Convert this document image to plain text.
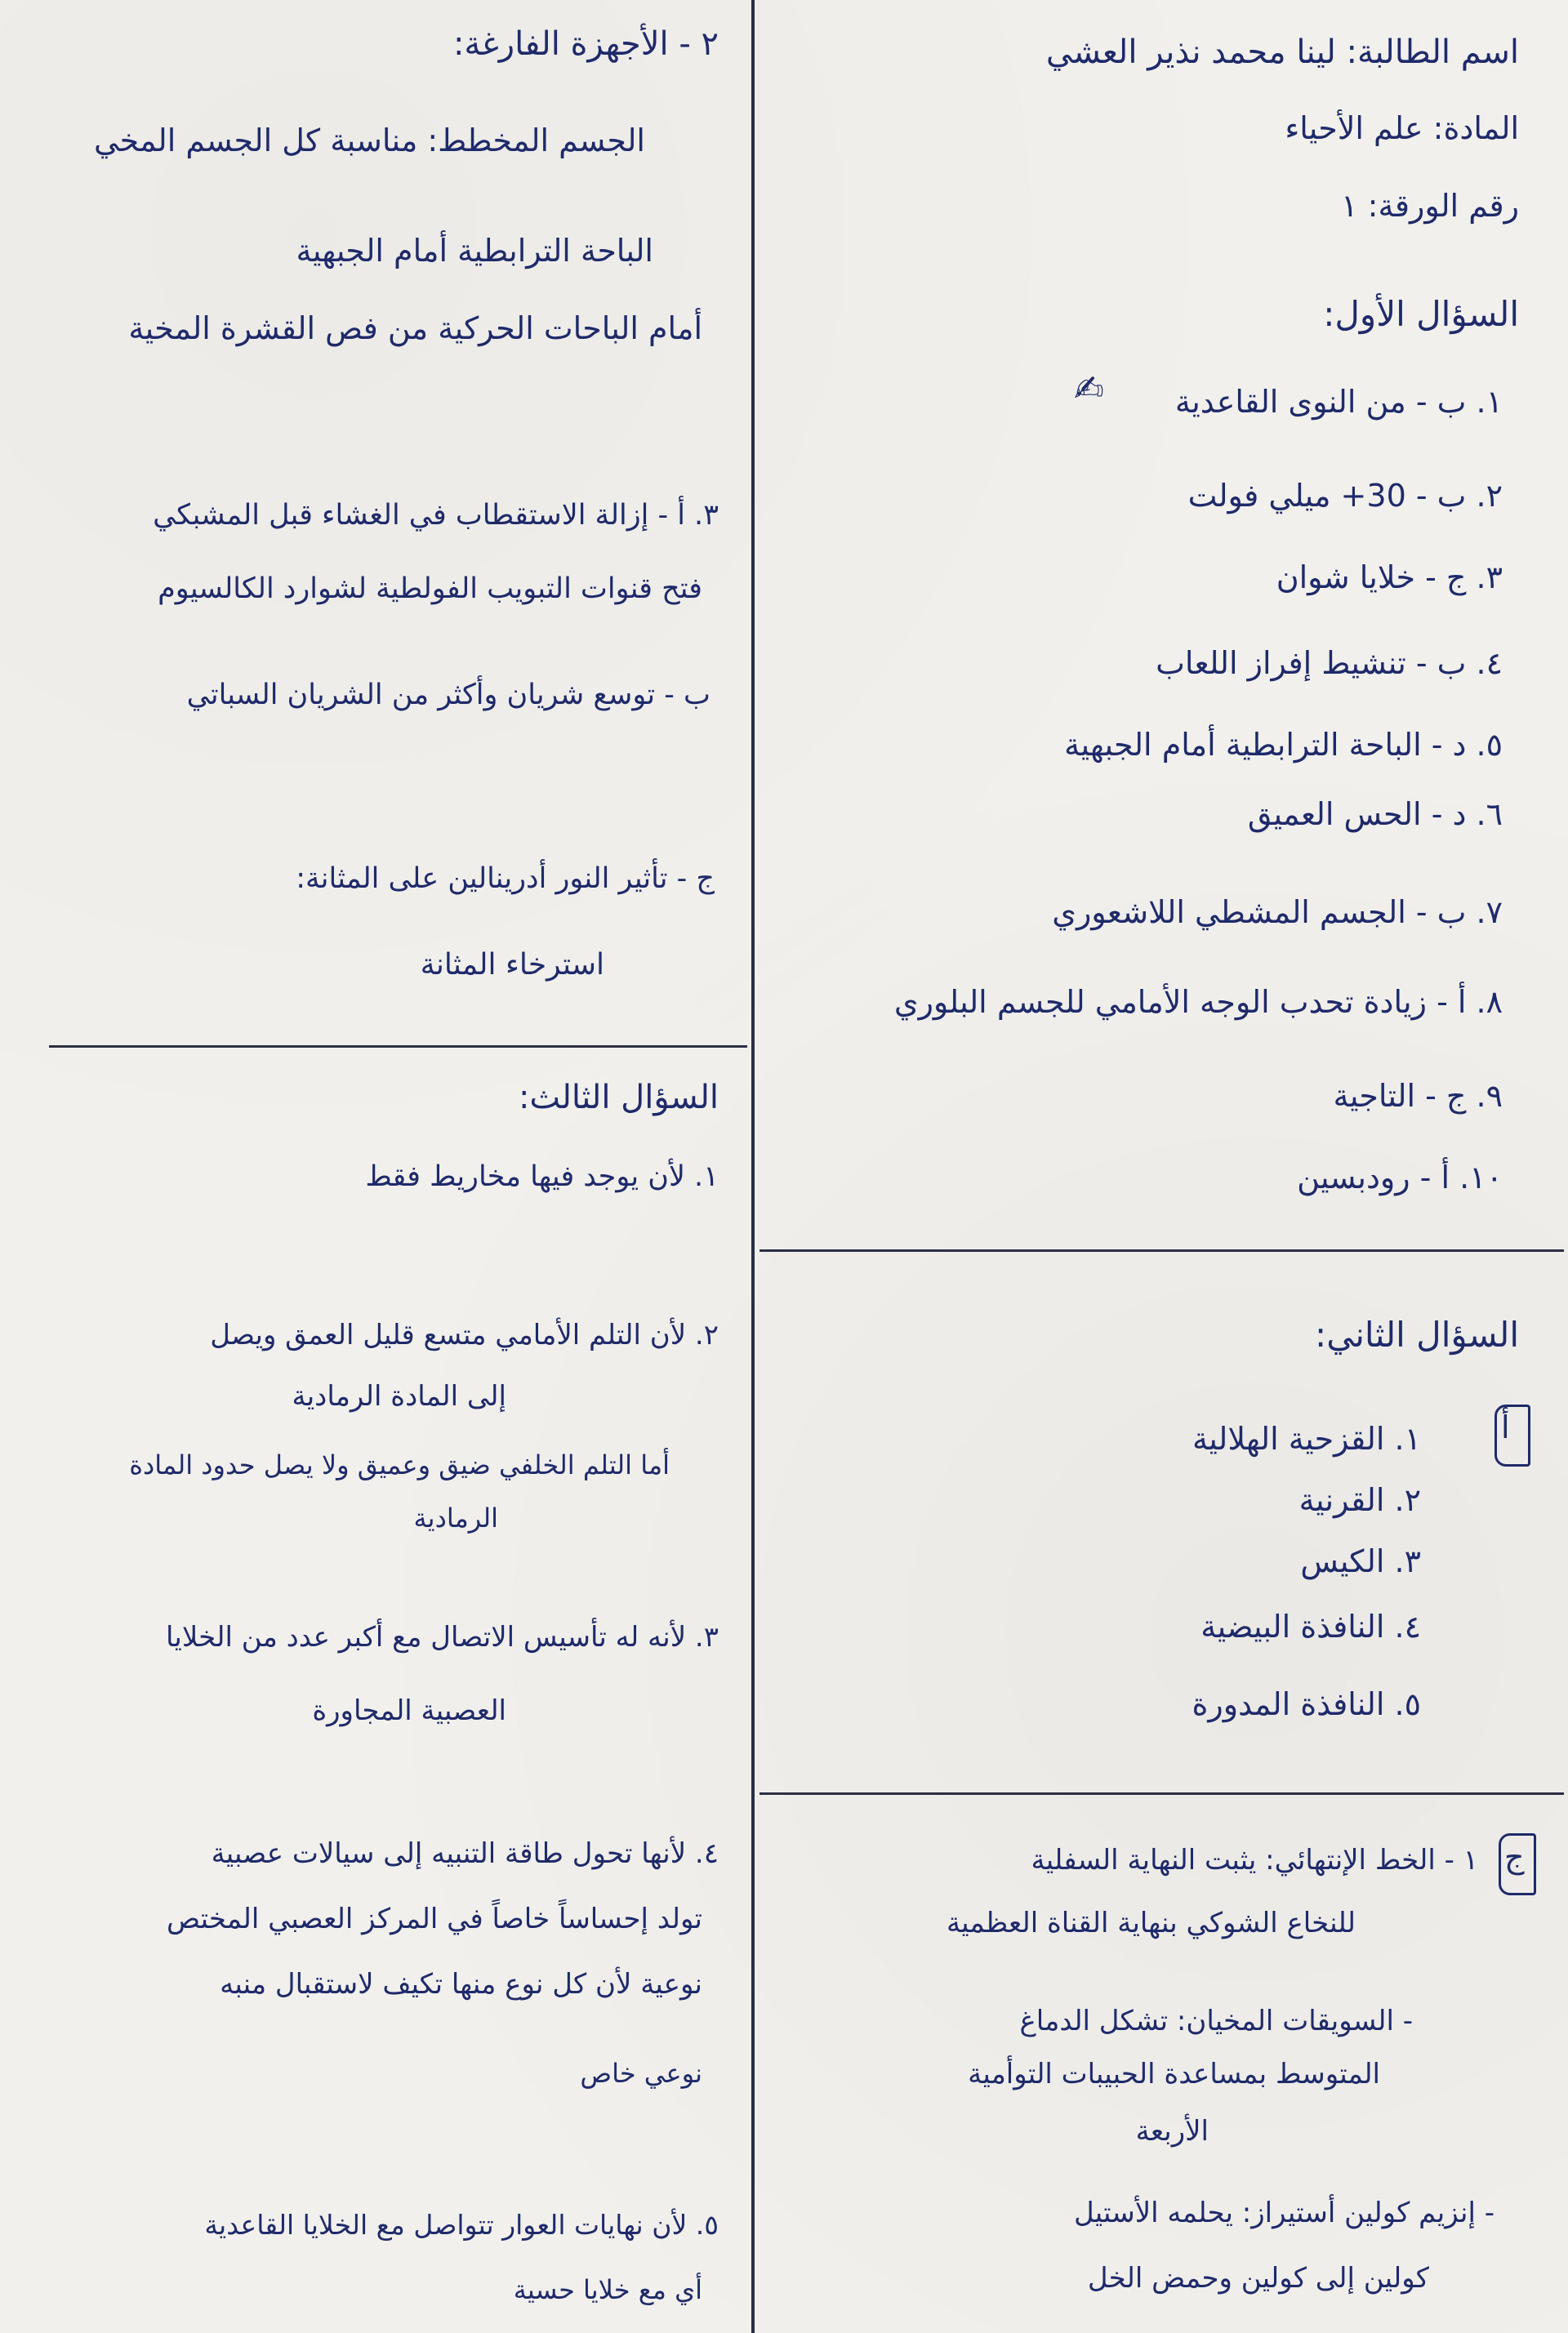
اسم الطالبة: لينا محمد نذير العشي
المادة: علم الأحياء
رقم الورقة: ١
السؤال الأول:
١. ب - من النوى القاعدية
✍
٢. ب - 30+ ميلي فولت
٣. ج - خلايا شوان
٤. ب - تنشيط إفراز اللعاب
٥. د - الباحة الترابطية أمام الجبهية
٦. د - الحس العميق
٧. ب - الجسم المشطي اللاشعوري
٨. أ - زيادة تحدب الوجه الأمامي للجسم البلوري
٩. ج - التاجية
١٠. أ - رودبسين
السؤال الثاني:
أ
١. القزحية الهلالية
٢. القرنية
٣. الكيس
٤. النافذة البيضية
٥. النافذة المدورة
ج
١ - الخط الإنتهائي: يثبت النهاية السفلية
للنخاع الشوكي بنهاية القناة العظمية
- السويقات المخيان: تشكل الدماغ
المتوسط بمساعدة الحبيبات التوأمية
الأربعة
- إنزيم كولين أستيراز: يحلمه الأستيل
كولين إلى كولين وحمض الخل
٢ - الأجهزة الفارغة:
الجسم المخطط: مناسبة كل الجسم المخي
الباحة الترابطية أمام الجبهية
أمام الباحات الحركية من فص القشرة المخية
٣. أ - إزالة الاستقطاب في الغشاء قبل المشبكي
فتح قنوات التبويب الفولطية لشوارد الكالسيوم
ب - توسع شريان وأكثر من الشريان السباتي
ج - تأثير النور أدرينالين على المثانة:
استرخاء المثانة
السؤال الثالث:
١. لأن يوجد فيها مخاريط فقط
٢. لأن التلم الأمامي متسع قليل العمق ويصل
إلى المادة الرمادية
أما التلم الخلفي ضيق وعميق ولا يصل حدود المادة
الرمادية
٣. لأنه له تأسيس الاتصال مع أكبر عدد من الخلايا
العصبية المجاورة
٤. لأنها تحول طاقة التنبيه إلى سيالات عصبية
تولد إحساساً خاصاً في المركز العصبي المختص
نوعية لأن كل نوع منها تكيف لاستقبال منبه
نوعي خاص
٥. لأن نهايات العوار تتواصل مع الخلايا القاعدية
أي مع خلايا حسية
